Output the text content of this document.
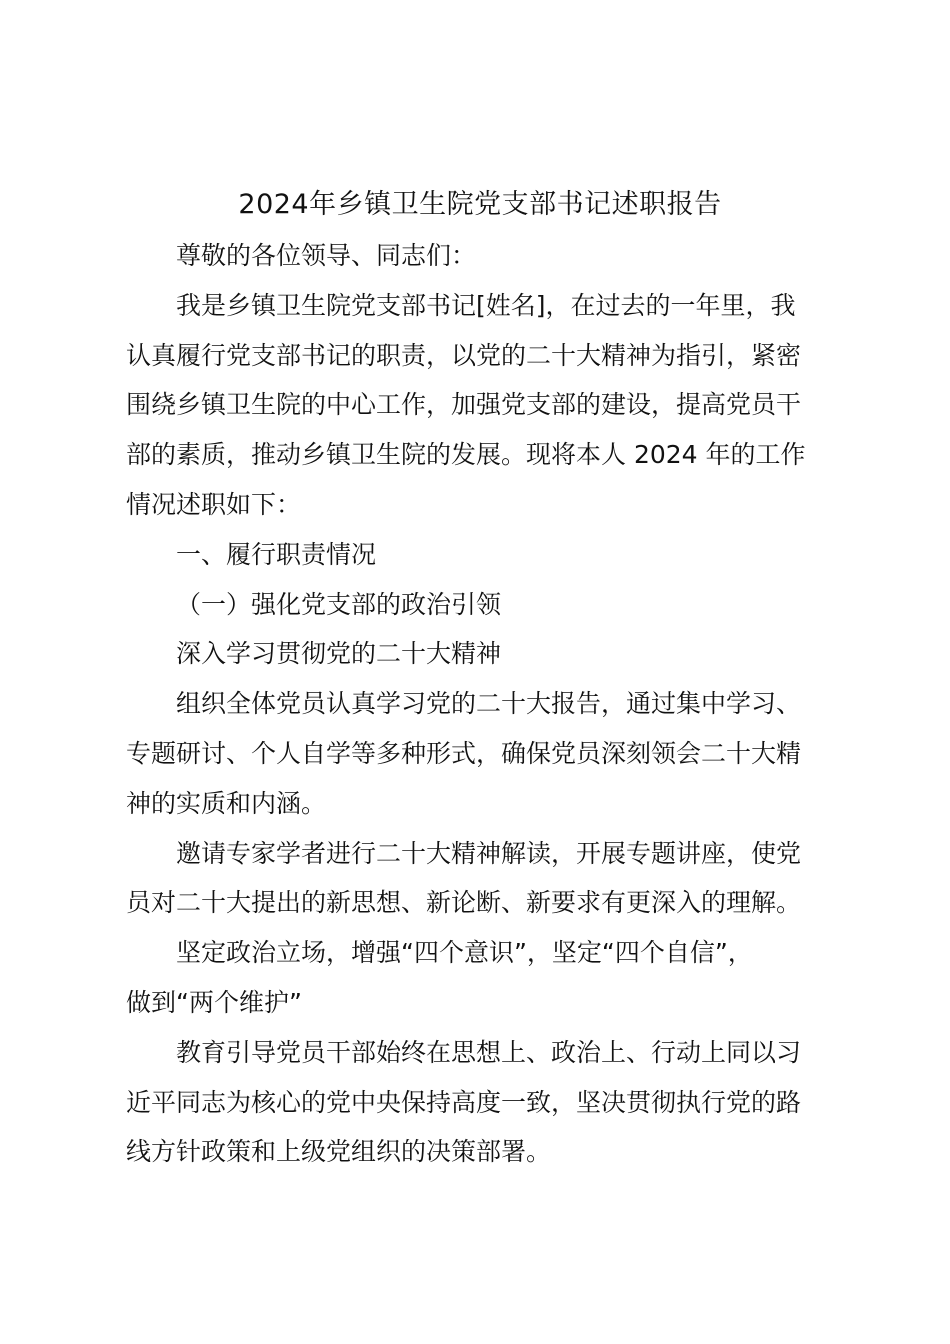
2024年乡镇卫生院党支部书记述职报告
尊敬的各位领导、同志们：
我是乡镇卫生院党支部书记[姓名]，在过去的一年里，我
认真履行党支部书记的职责，以党的二十大精神为指引，紧密
围绕乡镇卫生院的中心工作，加强党支部的建设，提高党员干
部的素质，推动乡镇卫生院的发展。现将本人 2024 年的工作
情况述职如下：
一、履行职责情况
（一）强化党支部的政治引领
深入学习贯彻党的二十大精神
组织全体党员认真学习党的二十大报告，通过集中学习、
专题研讨、个人自学等多种形式，确保党员深刻领会二十大精
神的实质和内涵。
邀请专家学者进行二十大精神解读，开展专题讲座，使党
员对二十大提出的新思想、新论断、新要求有更深入的理解。
坚定政治立场，增强“四个意识”，坚定“四个自信”，
做到“两个维护”
教育引导党员干部始终在思想上、政治上、行动上同以习
近平同志为核心的党中央保持高度一致，坚决贯彻执行党的路
线方针政策和上级党组织的决策部署。
